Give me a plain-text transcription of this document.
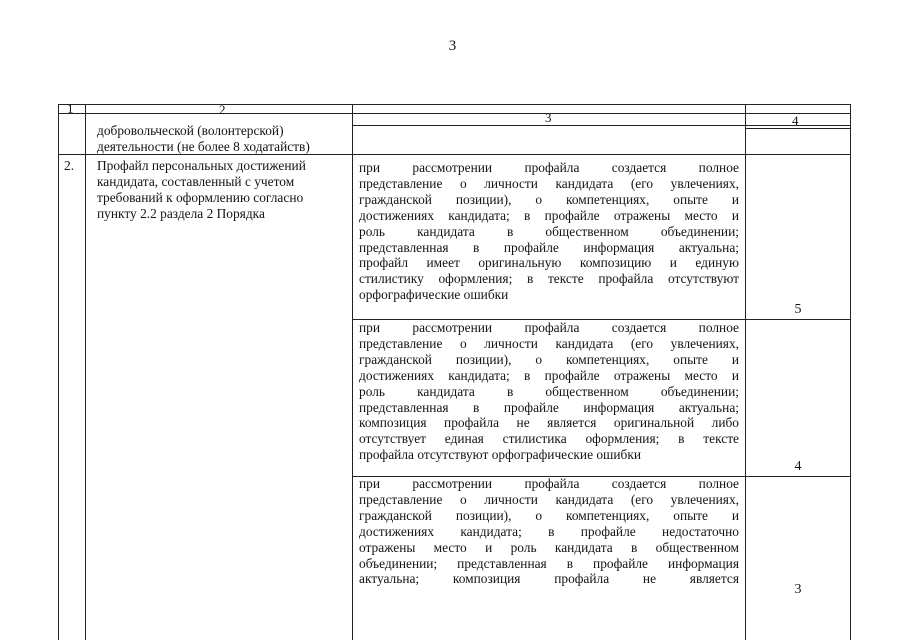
3
1	2
3	4
добровольческой (волонтерской) деятельности (не более 8 ходатайств)
2. Профайл персональных достижений кандидата, составленный с учетом требований к оформлению согласно пункту 2.2 раздела 2 Порядка
при рассмотрении профайла создается полное
представление о личности кандидата (его увлечениях,
гражданской позиции), о компетенциях, опыте и
достижениях кандидата; в профайле отражены место и
роль кандидата в общественном объединении;
представленная в профайле информация актуальна;
профайл имеет оригинальную композицию и единую
стилистику оформления; в тексте профайла отсутствуют
орфографические ошибки
5
при рассмотрении профайла создается полное
представление о личности кандидата (его увлечениях,
гражданской позиции), о компетенциях, опыте и
достижениях кандидата; в профайле отражены место и
роль кандидата в общественном объединении;
представленная в профайле информация актуальна;
композиция профайла не является оригинальной либо
отсутствует единая стилистика оформления; в тексте
профайла отсутствуют орфографические ошибки
4
при рассмотрении профайла создается полное
представление о личности кандидата (его увлечениях,
гражданской позиции), о компетенциях, опыте и
достижениях кандидата; в профайле недостаточно
отражены место и роль кандидата в общественном
объединении; представленная в профайле информация
актуальна; композиция профайла не является
3
